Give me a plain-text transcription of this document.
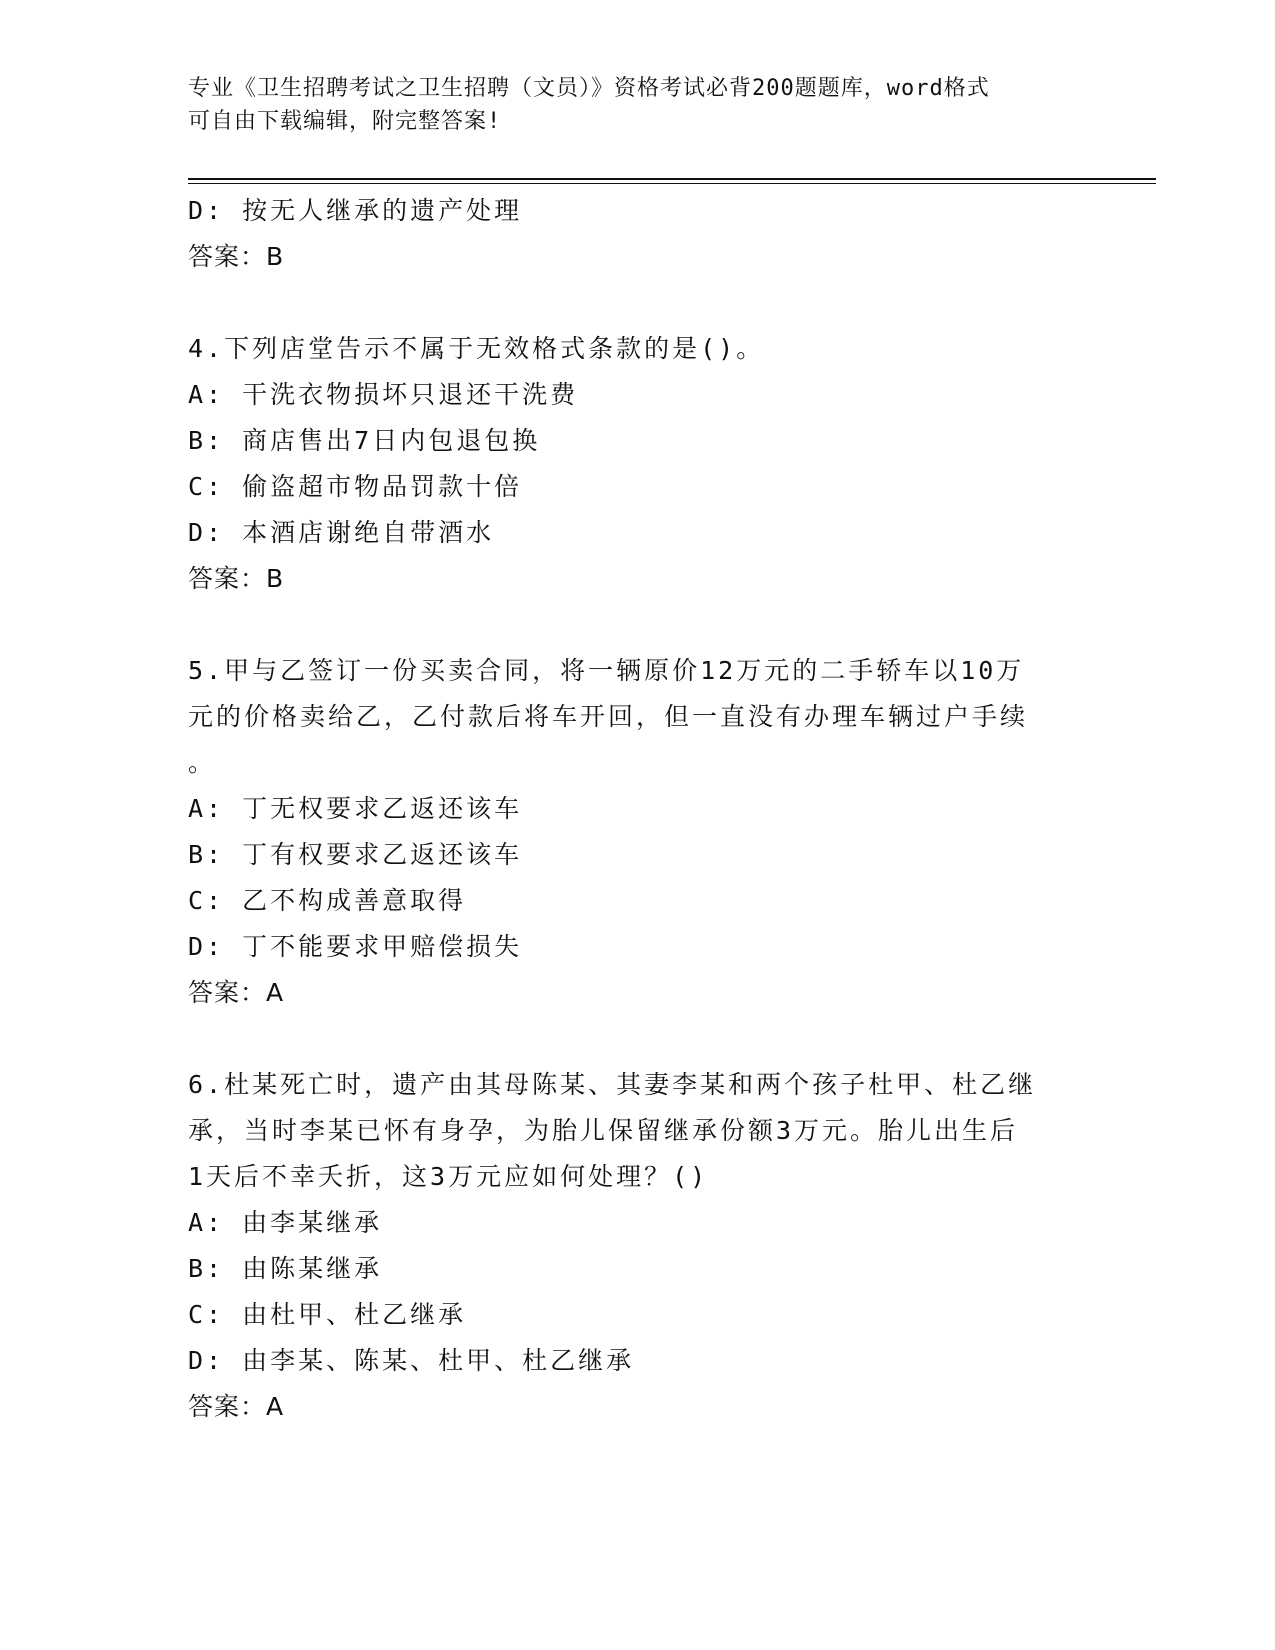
专业《卫生招聘考试之卫生招聘（文员）》资格考试必背200题题库，word格式
可自由下载编辑，附完整答案!
D: 按无人继承的遗产处理
答案：B
4.下列店堂告示不属于无效格式条款的是()。
A: 干洗衣物损坏只退还干洗费
B: 商店售出7日内包退包换
C: 偷盗超市物品罚款十倍
D: 本酒店谢绝自带酒水
答案：B
5.甲与乙签订一份买卖合同，将一辆原价12万元的二手轿车以10万
元的价格卖给乙，乙付款后将车开回，但一直没有办理车辆过户手续
。
A: 丁无权要求乙返还该车
B: 丁有权要求乙返还该车
C: 乙不构成善意取得
D: 丁不能要求甲赔偿损失
答案：A
6.杜某死亡时，遗产由其母陈某、其妻李某和两个孩子杜甲、杜乙继
承，当时李某已怀有身孕，为胎儿保留继承份额3万元。胎儿出生后
1天后不幸夭折，这3万元应如何处理？()
A: 由李某继承
B: 由陈某继承
C: 由杜甲、杜乙继承
D: 由李某、陈某、杜甲、杜乙继承
答案：A
